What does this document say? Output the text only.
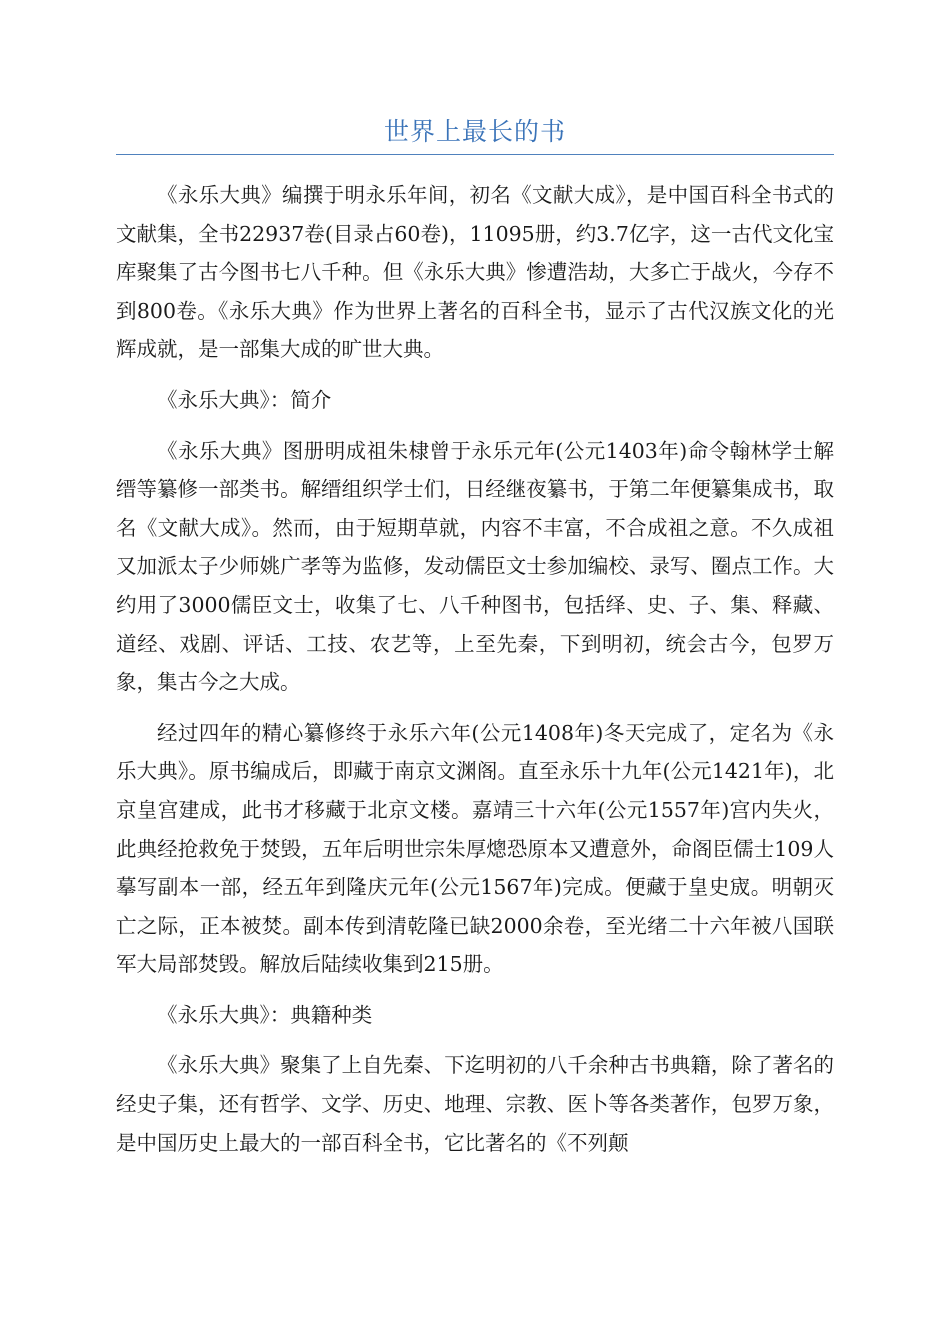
世界上最长的书

《永乐大典》编撰于明永乐年间，初名《文献大成》，是中国百科全书式的文献集，全书22937卷(目录占60卷)，11095册，约3.7亿字，这一古代文化宝库聚集了古今图书七八千种。但《永乐大典》惨遭浩劫，大多亡于战火，今存不到800卷。《永乐大典》作为世界上著名的百科全书，显示了古代汉族文化的光辉成就，是一部集大成的旷世大典。

《永乐大典》：简介

《永乐大典》图册明成祖朱棣曾于永乐元年(公元1403年)命令翰林学士解缙等纂修一部类书。解缙组织学士们，日经继夜纂书，于第二年便纂集成书，取名《文献大成》。然而，由于短期草就，内容不丰富，不合成祖之意。不久成祖又加派太子少师姚广孝等为监修，发动儒臣文士参加编校、录写、圈点工作。大约用了3000儒臣文士，收集了七、八千种图书，包括绎、史、子、集、释藏、道经、戏剧、评话、工技、农艺等，上至先秦，下到明初，统会古今，包罗万象，集古今之大成。

经过四年的精心纂修终于永乐六年(公元1408年)冬天完成了，定名为《永乐大典》。原书编成后，即藏于南京文渊阁。直至永乐十九年(公元1421年)，北京皇宫建成，此书才移藏于北京文楼。嘉靖三十六年(公元1557年)宫内失火，此典经抢救免于焚毁，五年后明世宗朱厚熜恐原本又遭意外，命阁臣儒士109人摹写副本一部，经五年到隆庆元年(公元1567年)完成。便藏于皇史宬。明朝灭亡之际，正本被焚。副本传到清乾隆已缺2000余卷，至光绪二十六年被八国联军大局部焚毁。解放后陆续收集到215册。

《永乐大典》：典籍种类

《永乐大典》聚集了上自先秦、下迄明初的八千余种古书典籍，除了著名的经史子集，还有哲学、文学、历史、地理、宗教、医卜等各类著作，包罗万象，是中国历史上最大的一部百科全书，它比著名的《不列颠
